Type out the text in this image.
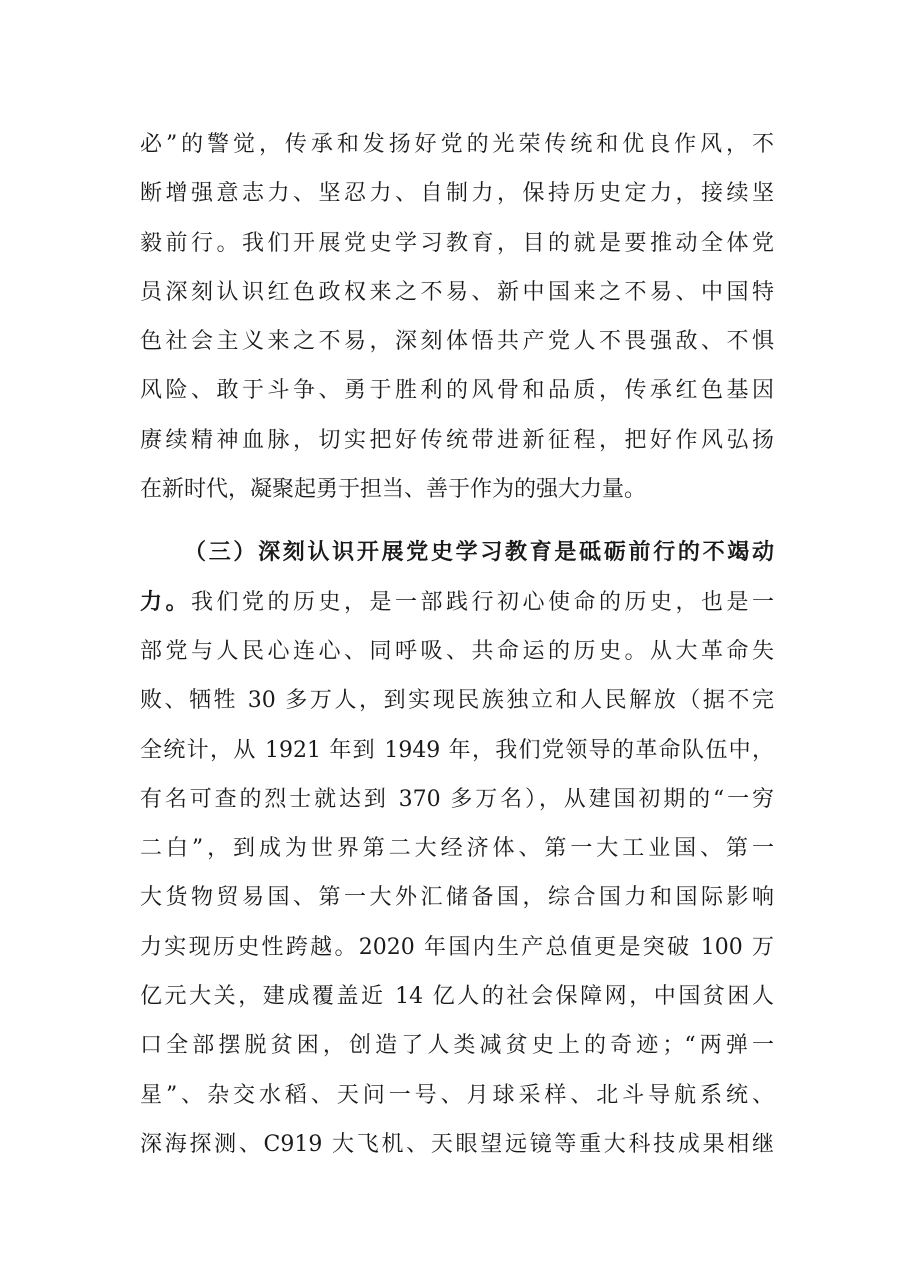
必”的警觉，传承和发扬好党的光荣传统和优良作风，不
断增强意志力、坚忍力、自制力，保持历史定力，接续坚
毅前行。我们开展党史学习教育，目的就是要推动全体党
员深刻认识红色政权来之不易、新中国来之不易、中国特
色社会主义来之不易，深刻体悟共产党人不畏强敌、不惧
风险、敢于斗争、勇于胜利的风骨和品质，传承红色基因
赓续精神血脉，切实把好传统带进新征程，把好作风弘扬
在新时代，凝聚起勇于担当、善于作为的强大力量。
（三）深刻认识开展党史学习教育是砥砺前行的不竭动
力。我们党的历史，是一部践行初心使命的历史，也是一
部党与人民心连心、同呼吸、共命运的历史。从大革命失
败、牺牲 30 多万人，到实现民族独立和人民解放（据不完
全统计，从 1921 年到 1949 年，我们党领导的革命队伍中，
有名可查的烈士就达到 370 多万名），从建国初期的“一穷
二白”，到成为世界第二大经济体、第一大工业国、第一
大货物贸易国、第一大外汇储备国，综合国力和国际影响
力实现历史性跨越。2020 年国内生产总值更是突破 100 万
亿元大关，建成覆盖近 14 亿人的社会保障网，中国贫困人
口全部摆脱贫困，创造了人类减贫史上的奇迹；“两弹一
星”、杂交水稻、天问一号、月球采样、北斗导航系统、
深海探测、C919 大飞机、天眼望远镜等重大科技成果相继
